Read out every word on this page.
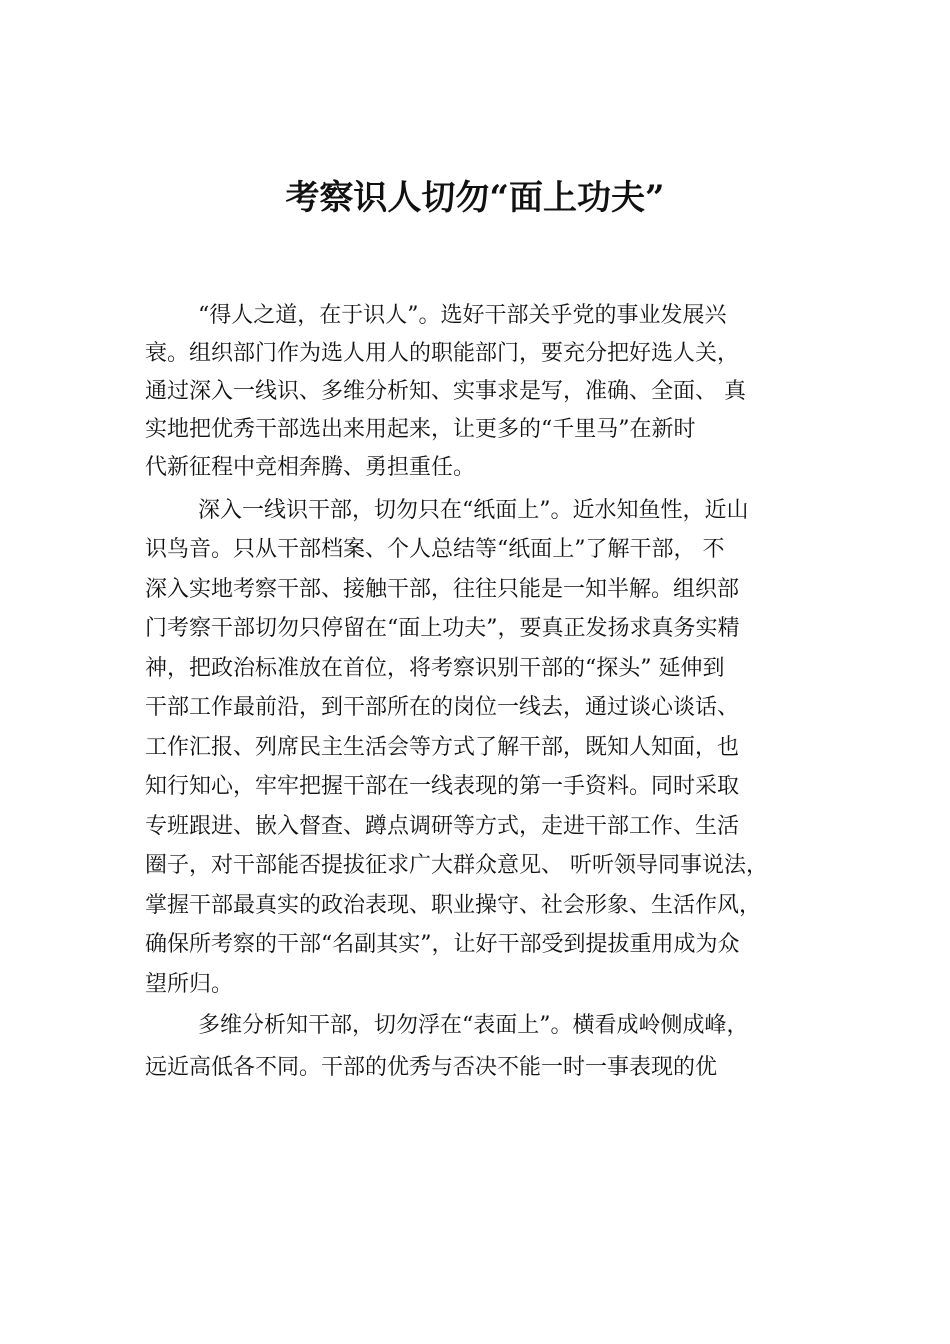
考察识人切勿“面上功夫”

“得人之道，在于识人”。选好干部关乎党的事业发展兴

衰。组织部门作为选人用人的职能部门，要充分把好选人关，

通过深入一线识、多维分析知、实事求是写，准确、全面、 真

实地把优秀干部选出来用起来，让更多的“千里马”在新时

代新征程中竞相奔腾、勇担重任。

深入一线识干部，切勿只在“纸面上”。近水知鱼性，近山

识鸟音。只从干部档案、个人总结等“纸面上”了解干部， 不

深入实地考察干部、接触干部，往往只能是一知半解。组织部

门考察干部切勿只停留在“面上功夫”，要真正发扬求真务实精

神，把政治标准放在首位，将考察识别干部的“探头” 延伸到

干部工作最前沿，到干部所在的岗位一线去，通过谈心谈话、

工作汇报、列席民主生活会等方式了解干部，既知人知面，也

知行知心，牢牢把握干部在一线表现的第一手资料。同时采取

专班跟进、嵌入督查、蹲点调研等方式，走进干部工作、生活

圈子，对干部能否提拔征求广大群众意见、 听听领导同事说法，

掌握干部最真实的政治表现、职业操守、社会形象、生活作风，

确保所考察的干部“名副其实”，让好干部受到提拔重用成为众

望所归。

多维分析知干部，切勿浮在“表面上”。横看成岭侧成峰，

远近高低各不同。干部的优秀与否决不能一时一事表现的优
